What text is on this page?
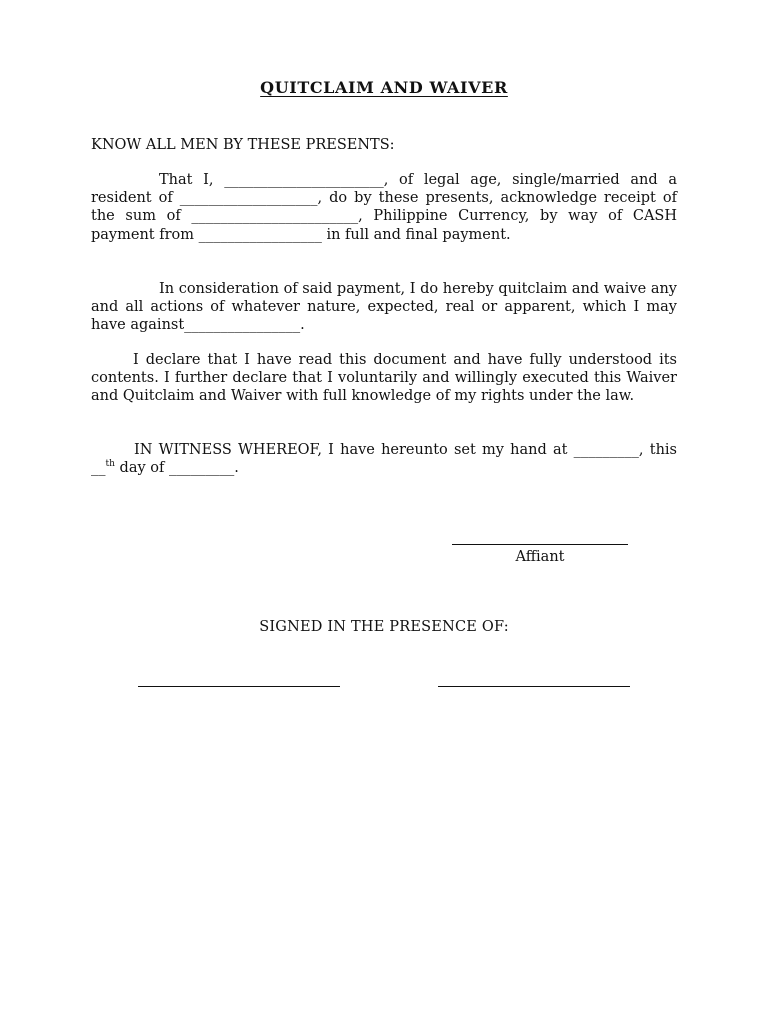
QUITCLAIM AND WAIVER
KNOW ALL MEN BY THESE PRESENTS:
That I, ______________________, of legal age, single/married and a resident of ___________________, do by these presents, acknowledge receipt of the sum of _______________________, Philippine Currency, by way of CASH payment from _________________ in full and final payment.
In consideration of said payment, I do hereby quitclaim and waive any and all actions of whatever nature, expected, real or apparent, which I may have against________________.
I declare that I have read this document and have fully understood its contents. I further declare that I voluntarily and willingly executed this Waiver and Quitclaim and Waiver with full knowledge of my rights under the law.
IN WITNESS WHEREOF, I have hereunto set my hand at _________, this __$^{th}$ day of _________.
Affiant
SIGNED IN THE PRESENCE OF:
